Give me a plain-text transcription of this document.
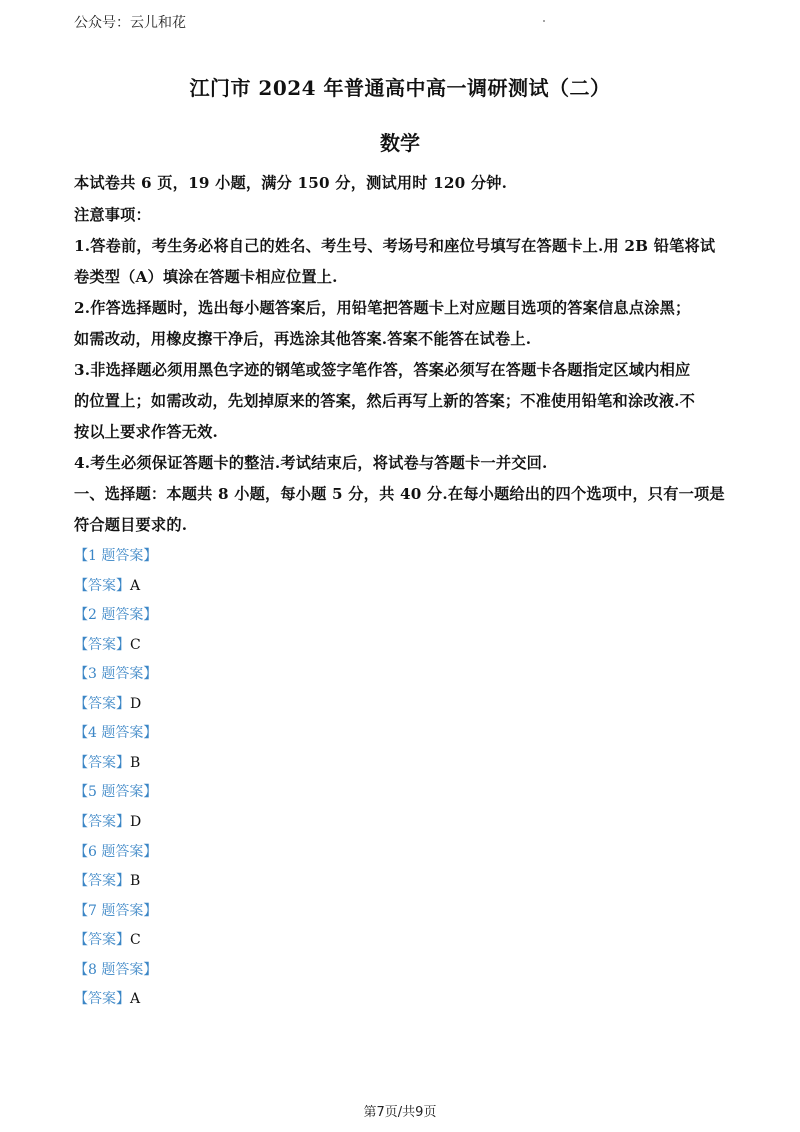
公众号：云儿和花
江门市 2024 年普通高中高一调研测试（二）
数学
本试卷共 6 页，19 小题，满分 150 分，测试用时 120 分钟.
注意事项：
1.答卷前，考生务必将自己的姓名、考生号、考场号和座位号填写在答题卡上.用 2B 铅笔将试
卷类型（A）填涂在答题卡相应位置上.
2.作答选择题时，选出每小题答案后，用铅笔把答题卡上对应题目选项的答案信息点涂黑；
如需改动，用橡皮擦干净后，再选涂其他答案.答案不能答在试卷上.
3.非选择题必须用黑色字迹的钢笔或签字笔作答，答案必须写在答题卡各题指定区域内相应
的位置上；如需改动，先划掉原来的答案，然后再写上新的答案；不准使用铅笔和涂改液.不
按以上要求作答无效.
4.考生必须保证答题卡的整洁.考试结束后，将试卷与答题卡一并交回.
一、选择题：本题共 8 小题，每小题 5 分，共 40 分.在每小题给出的四个选项中，只有一项是
符合题目要求的.
【1 题答案】
【答案】A
【2 题答案】
【答案】C
【3 题答案】
【答案】D
【4 题答案】
【答案】B
【5 题答案】
【答案】D
【6 题答案】
【答案】B
【7 题答案】
【答案】C
【8 题答案】
【答案】A
第7页/共9页
